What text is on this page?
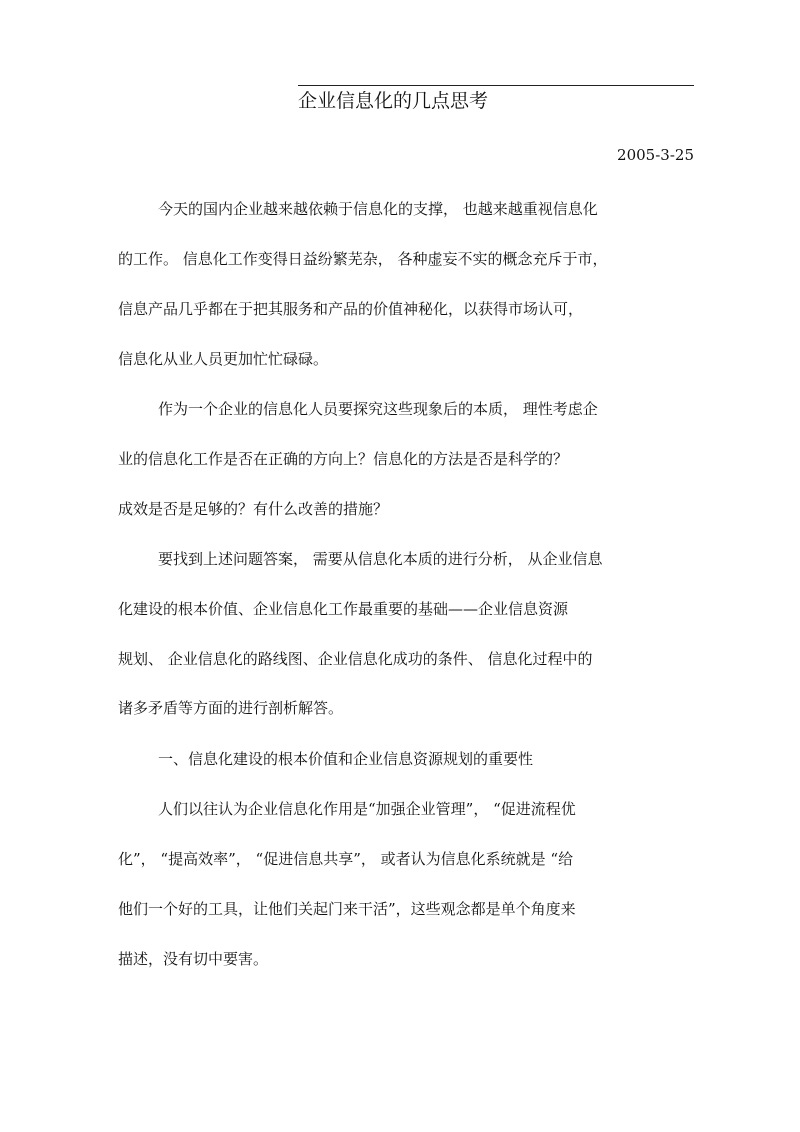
企业信息化的几点思考
2005-3-25
今天的国内企业越来越依赖于信息化的支撑， 也越来越重视信息化
的工作。 信息化工作变得日益纷繁芜杂， 各种虚妄不实的概念充斥于市，
信息产品几乎都在于把其服务和产品的价值神秘化，以获得市场认可，
信息化从业人员更加忙忙碌碌。
作为一个企业的信息化人员要探究这些现象后的本质， 理性考虑企
业的信息化工作是否在正确的方向上？信息化的方法是否是科学的？
成效是否是足够的？有什么改善的措施？
要找到上述问题答案， 需要从信息化本质的进行分析， 从企业信息
化建设的根本价值、企业信息化工作最重要的基础——企业信息资源
规划、 企业信息化的路线图、企业信息化成功的条件、 信息化过程中的
诸多矛盾等方面的进行剖析解答。
一、信息化建设的根本价值和企业信息资源规划的重要性
人们以往认为企业信息化作用是“加强企业管理”， “促进流程优
化”， “提高效率”， “促进信息共享”， 或者认为信息化系统就是 “给
他们一个好的工具，让他们关起门来干活”，这些观念都是单个角度来
描述，没有切中要害。
